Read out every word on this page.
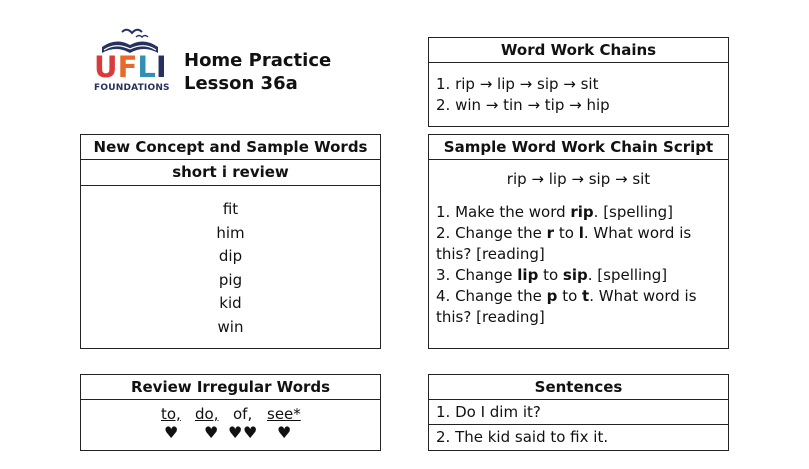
UFLI
FOUNDATIONS
Home Practice
Lesson 36a
Word Work Chains
1. rip → lip → sip → sit
2. win → tin → tip → hip
New Concept and Sample Words
short i review
fit
him
dip
pig
kid
win
Sample Word Work Chain Script
rip → lip → sip → sit
1. Make the word rip. [spelling]
2. Change the r to l. What word is this? [reading]
3. Change lip to sip. [spelling]
4. Change the p to t. What word is this? [reading]
Review Irregular Words
to, do, of, see*
♥ ♥ ♥ ♥ ♥
Sentences
1. Do I dim it?
2. The kid said to fix it.
